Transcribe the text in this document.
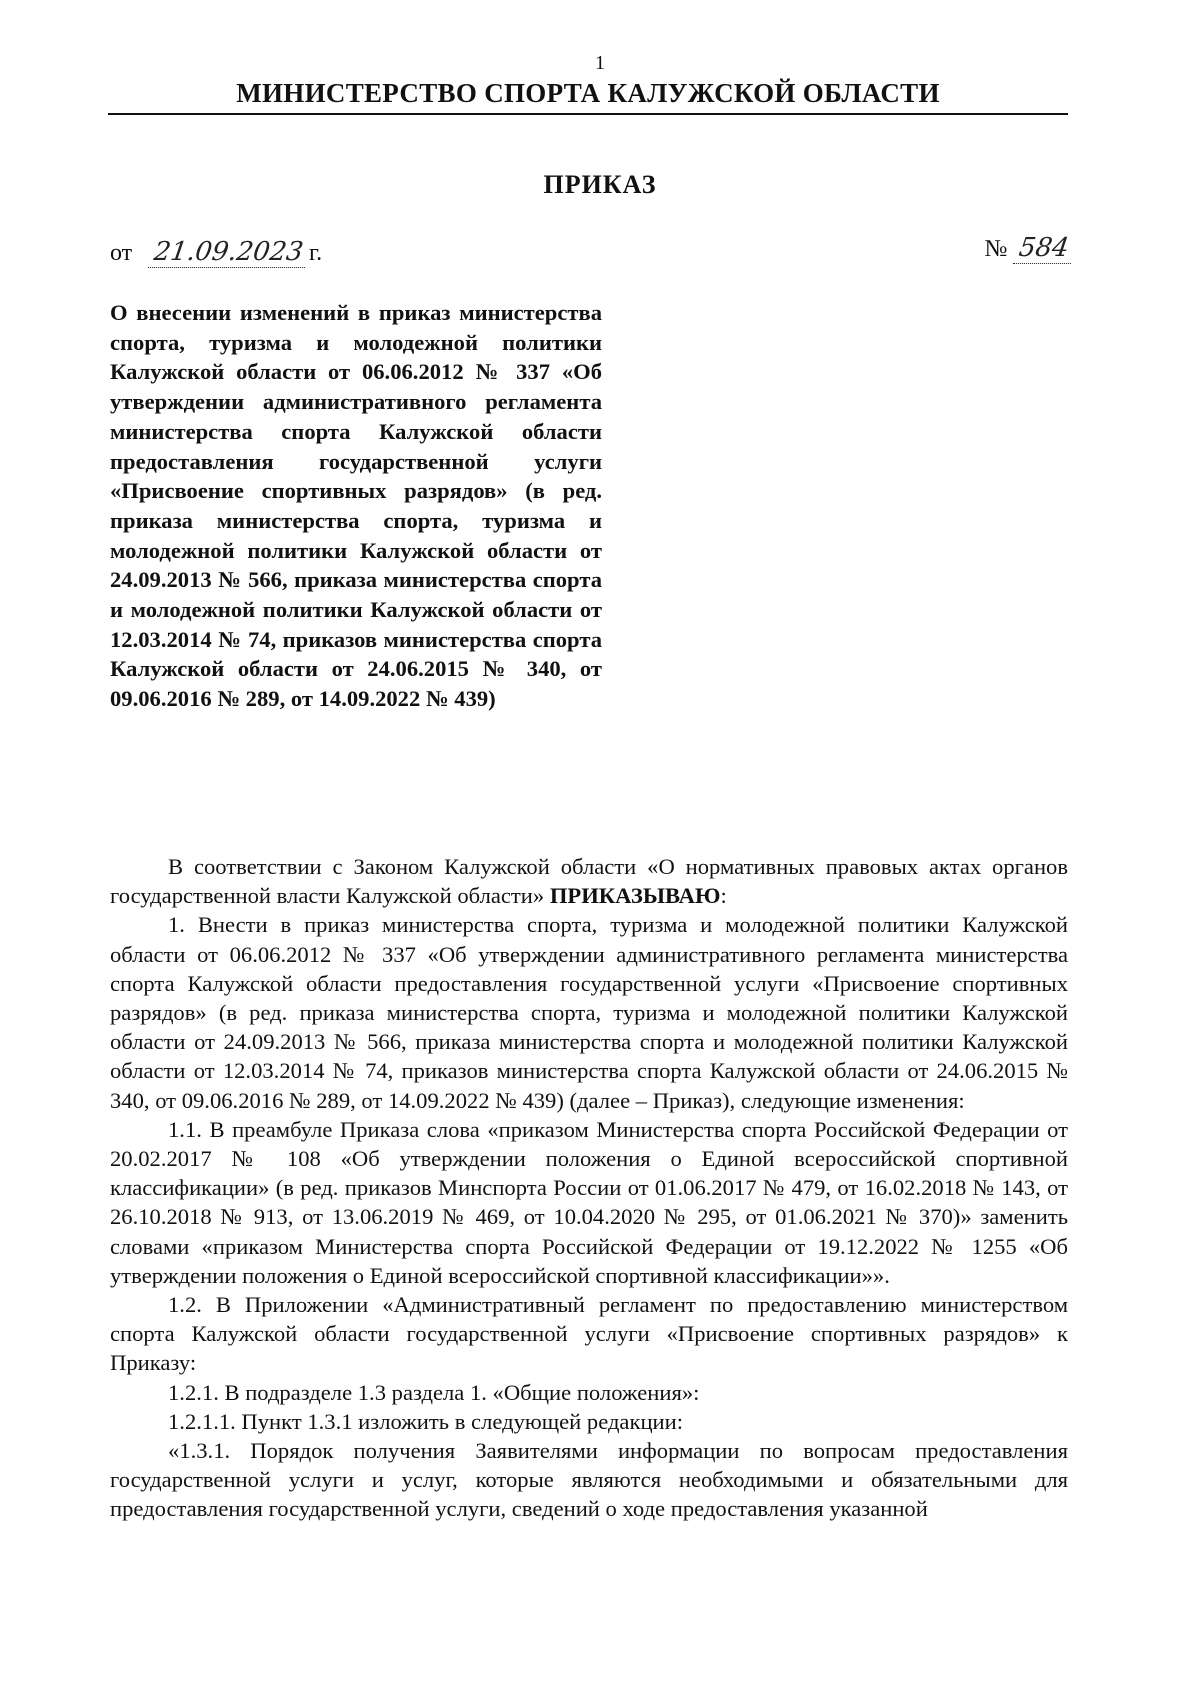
1
МИНИСТЕРСТВО СПОРТА КАЛУЖСКОЙ ОБЛАСТИ
ПРИКАЗ
от 21.09.2023 г.	№ 584
О внесении изменений в приказ министерства спорта, туризма и молодежной политики Калужской области от 06.06.2012 № 337 «Об утверждении административного регламента министерства спорта Калужской области предоставления государственной услуги «Присвоение спортивных разрядов» (в ред. приказа министерства спорта, туризма и молодежной политики Калужской области от 24.09.2013 № 566, приказа министерства спорта и молодежной политики Калужской области от 12.03.2014 № 74, приказов министерства спорта Калужской области от 24.06.2015 № 340, от 09.06.2016 № 289, от 14.09.2022 № 439)

В соответствии с Законом Калужской области «О нормативных правовых актах органов государственной власти Калужской области» ПРИКАЗЫВАЮ:

1. Внести в приказ министерства спорта, туризма и молодежной политики Калужской области от 06.06.2012 № 337 «Об утверждении административного регламента министерства спорта Калужской области предоставления государственной услуги «Присвоение спортивных разрядов» (в ред. приказа министерства спорта, туризма и молодежной политики Калужской области от 24.09.2013 № 566, приказа министерства спорта и молодежной политики Калужской области от 12.03.2014 № 74, приказов министерства спорта Калужской области от 24.06.2015 № 340, от 09.06.2016 № 289, от 14.09.2022 № 439) (далее – Приказ), следующие изменения:

1.1. В преамбуле Приказа слова «приказом Министерства спорта Российской Федерации от 20.02.2017 № 108 «Об утверждении положения о Единой всероссийской спортивной классификации» (в ред. приказов Минспорта России от 01.06.2017 № 479, от 16.02.2018 № 143, от 26.10.2018 № 913, от 13.06.2019 № 469, от 10.04.2020 № 295, от 01.06.2021 № 370)» заменить словами «приказом Министерства спорта Российской Федерации от 19.12.2022 № 1255 «Об утверждении положения о Единой всероссийской спортивной классификации»».

1.2. В Приложении «Административный регламент по предоставлению министерством спорта Калужской области государственной услуги «Присвоение спортивных разрядов» к Приказу:

1.2.1. В подразделе 1.3 раздела 1. «Общие положения»:

1.2.1.1. Пункт 1.3.1 изложить в следующей редакции:

«1.3.1. Порядок получения Заявителями информации по вопросам предоставления государственной услуги и услуг, которые являются необходимыми и обязательными для предоставления государственной услуги, сведений о ходе предоставления указанной
